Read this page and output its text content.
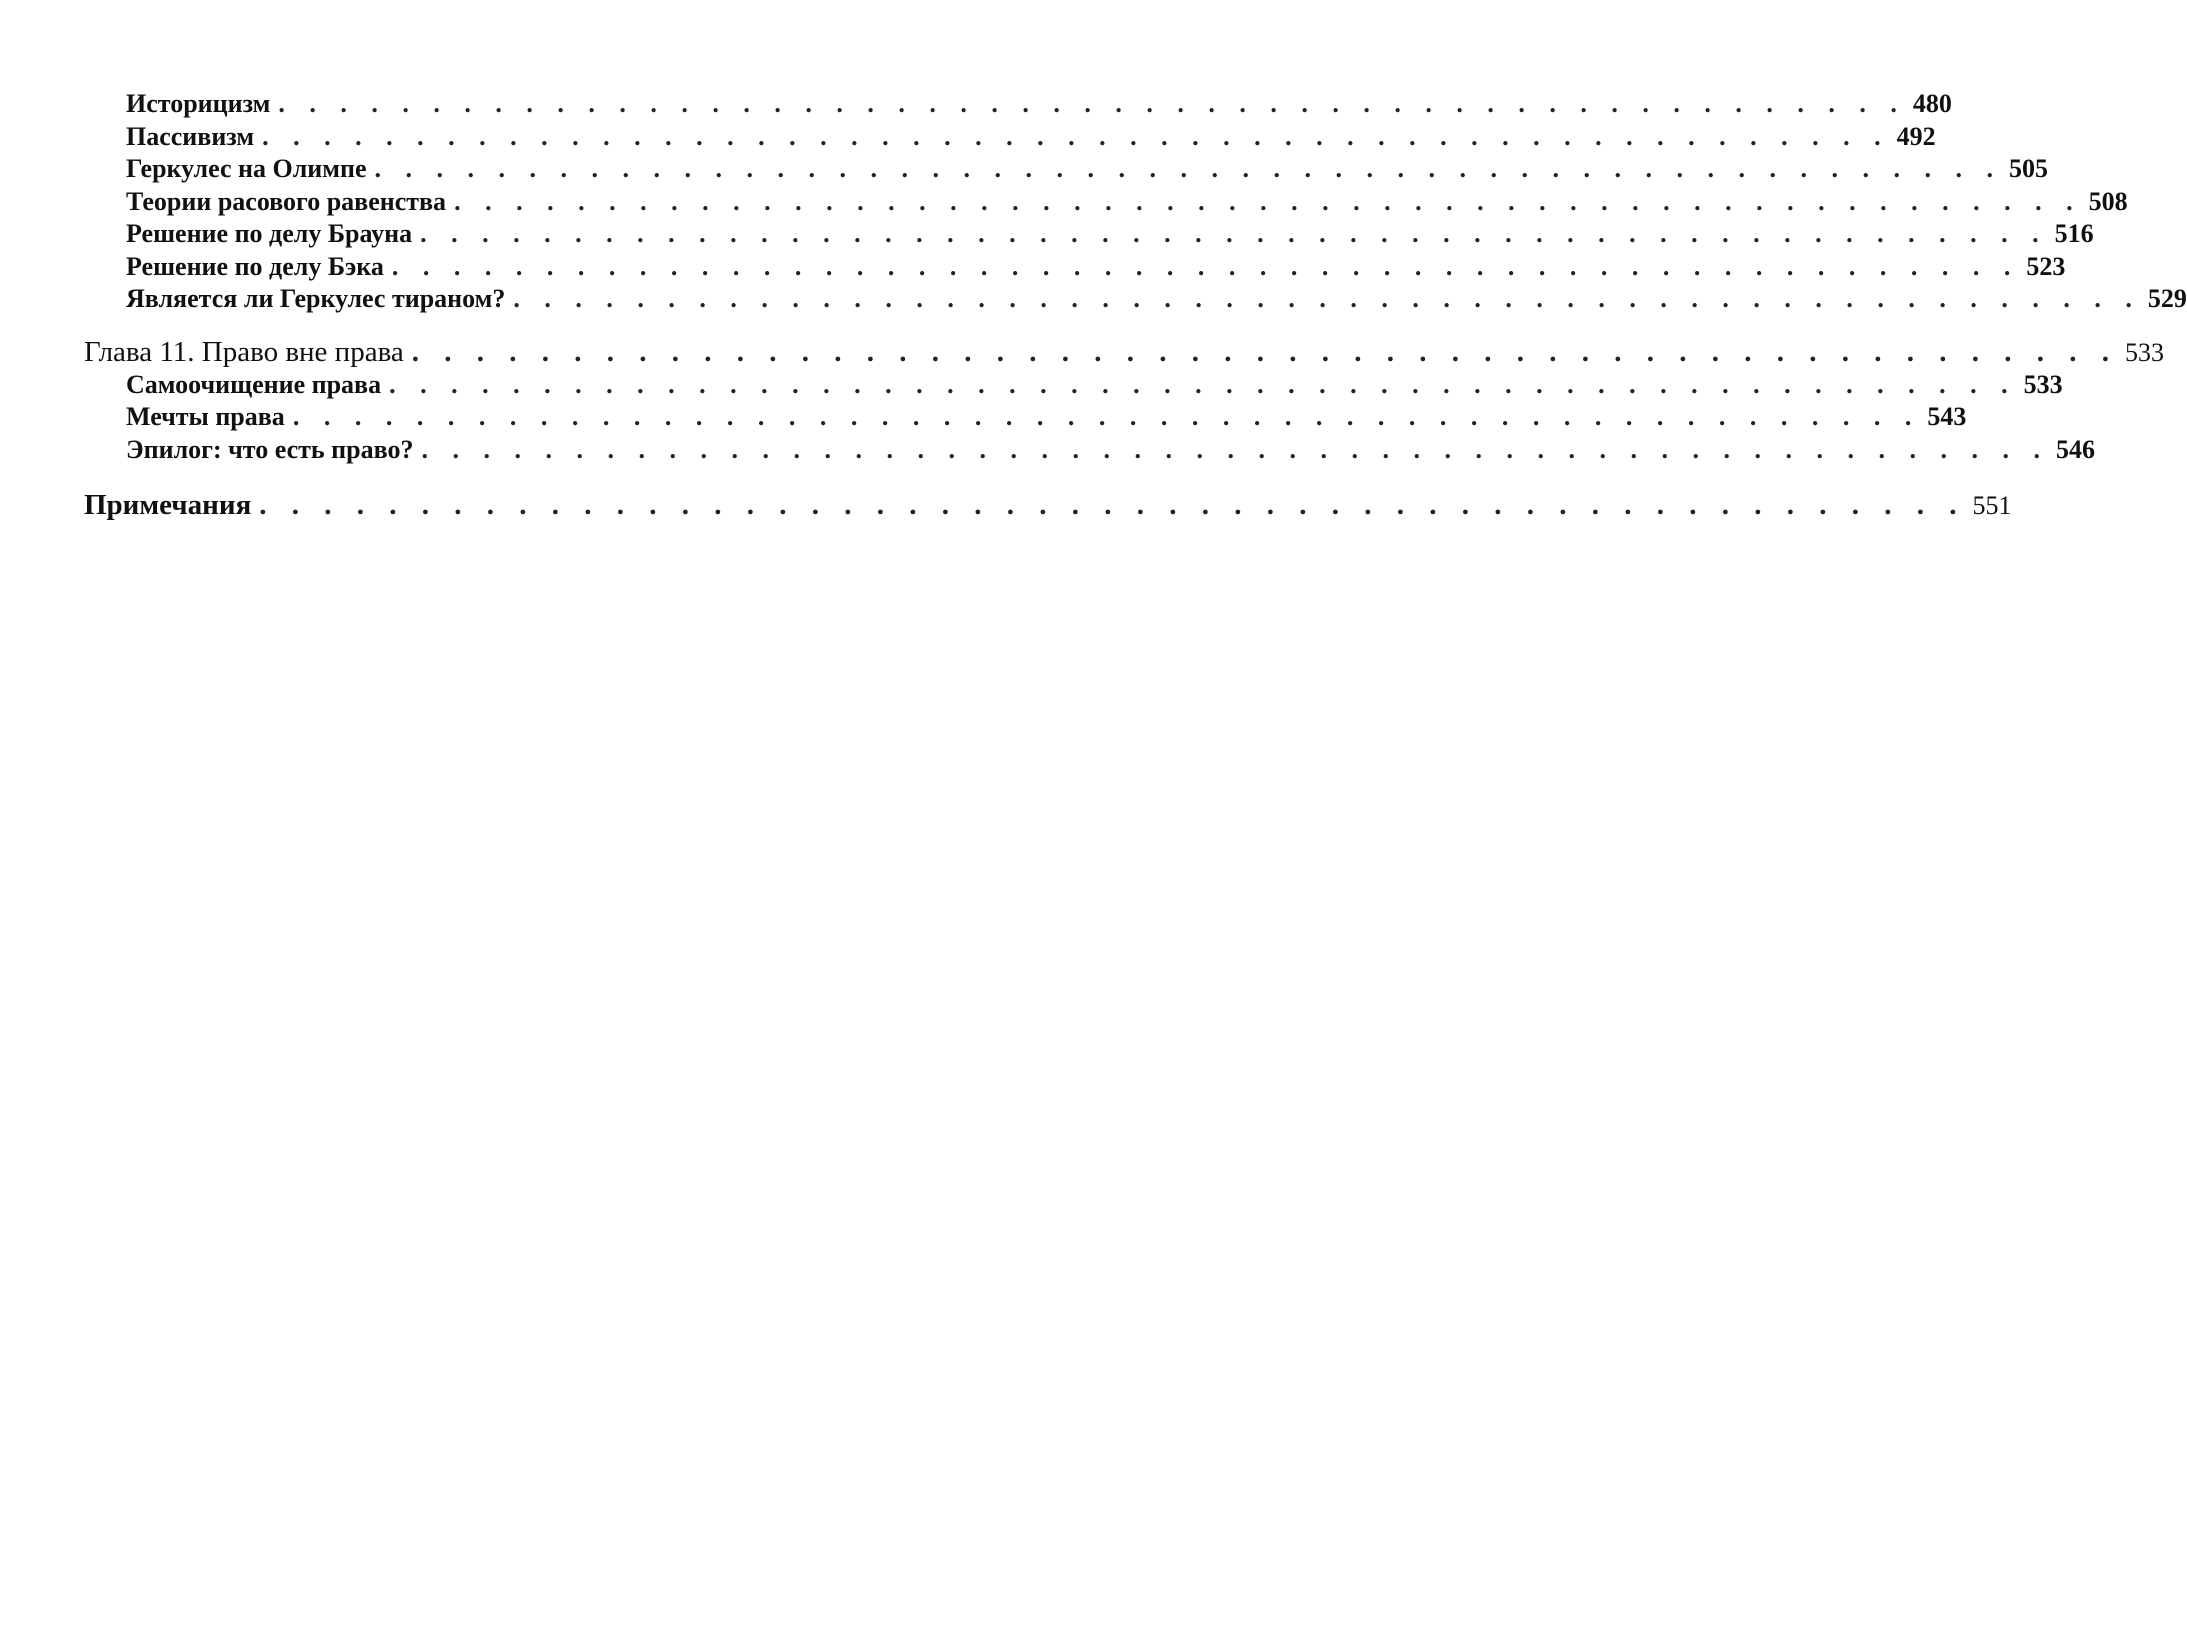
Историцизм . . . . . . . . . . . . . . . . . . . . . . . . . . . . . . . . . . . . . . . . . . . . . . . . . . . . . 480
Пассивизм . . . . . . . . . . . . . . . . . . . . . . . . . . . . . . . . . . . . . . . . . . . . . . . . . . . . . 492
Геркулес на Олимпе . . . . . . . . . . . . . . . . . . . . . . . . . . . . . . . . . . . . . . . . . . . . . . . . . . . . . 505
Теории расового равенства . . . . . . . . . . . . . . . . . . . . . . . . . . . . . . . . . . . . . . . . . . . . . . . . . . . . . 508
Решение по делу Брауна . . . . . . . . . . . . . . . . . . . . . . . . . . . . . . . . . . . . . . . . . . . . . . . . . . . . . 516
Решение по делу Бэка . . . . . . . . . . . . . . . . . . . . . . . . . . . . . . . . . . . . . . . . . . . . . . . . . . . . . 523
Является ли Геркулес тираном? . . . . . . . . . . . . . . . . . . . . . . . . . . . . . . . . . . . . . . . . . . . . . . . . . . . . . 529
Глава 11. Право вне права . . . . . . . . . . . . . . . . . . . . . . . . . . . . . . . . . . . . . . . . . . . . . . . . . . . . . 533
Самоочищение права . . . . . . . . . . . . . . . . . . . . . . . . . . . . . . . . . . . . . . . . . . . . . . . . . . . . . 533
Мечты права . . . . . . . . . . . . . . . . . . . . . . . . . . . . . . . . . . . . . . . . . . . . . . . . . . . . . 543
Эпилог: что есть право? . . . . . . . . . . . . . . . . . . . . . . . . . . . . . . . . . . . . . . . . . . . . . . . . . . . . . 546
Примечания . . . . . . . . . . . . . . . . . . . . . . . . . . . . . . . . . . . . . . . . . . . . . . . . . . . . . 551
